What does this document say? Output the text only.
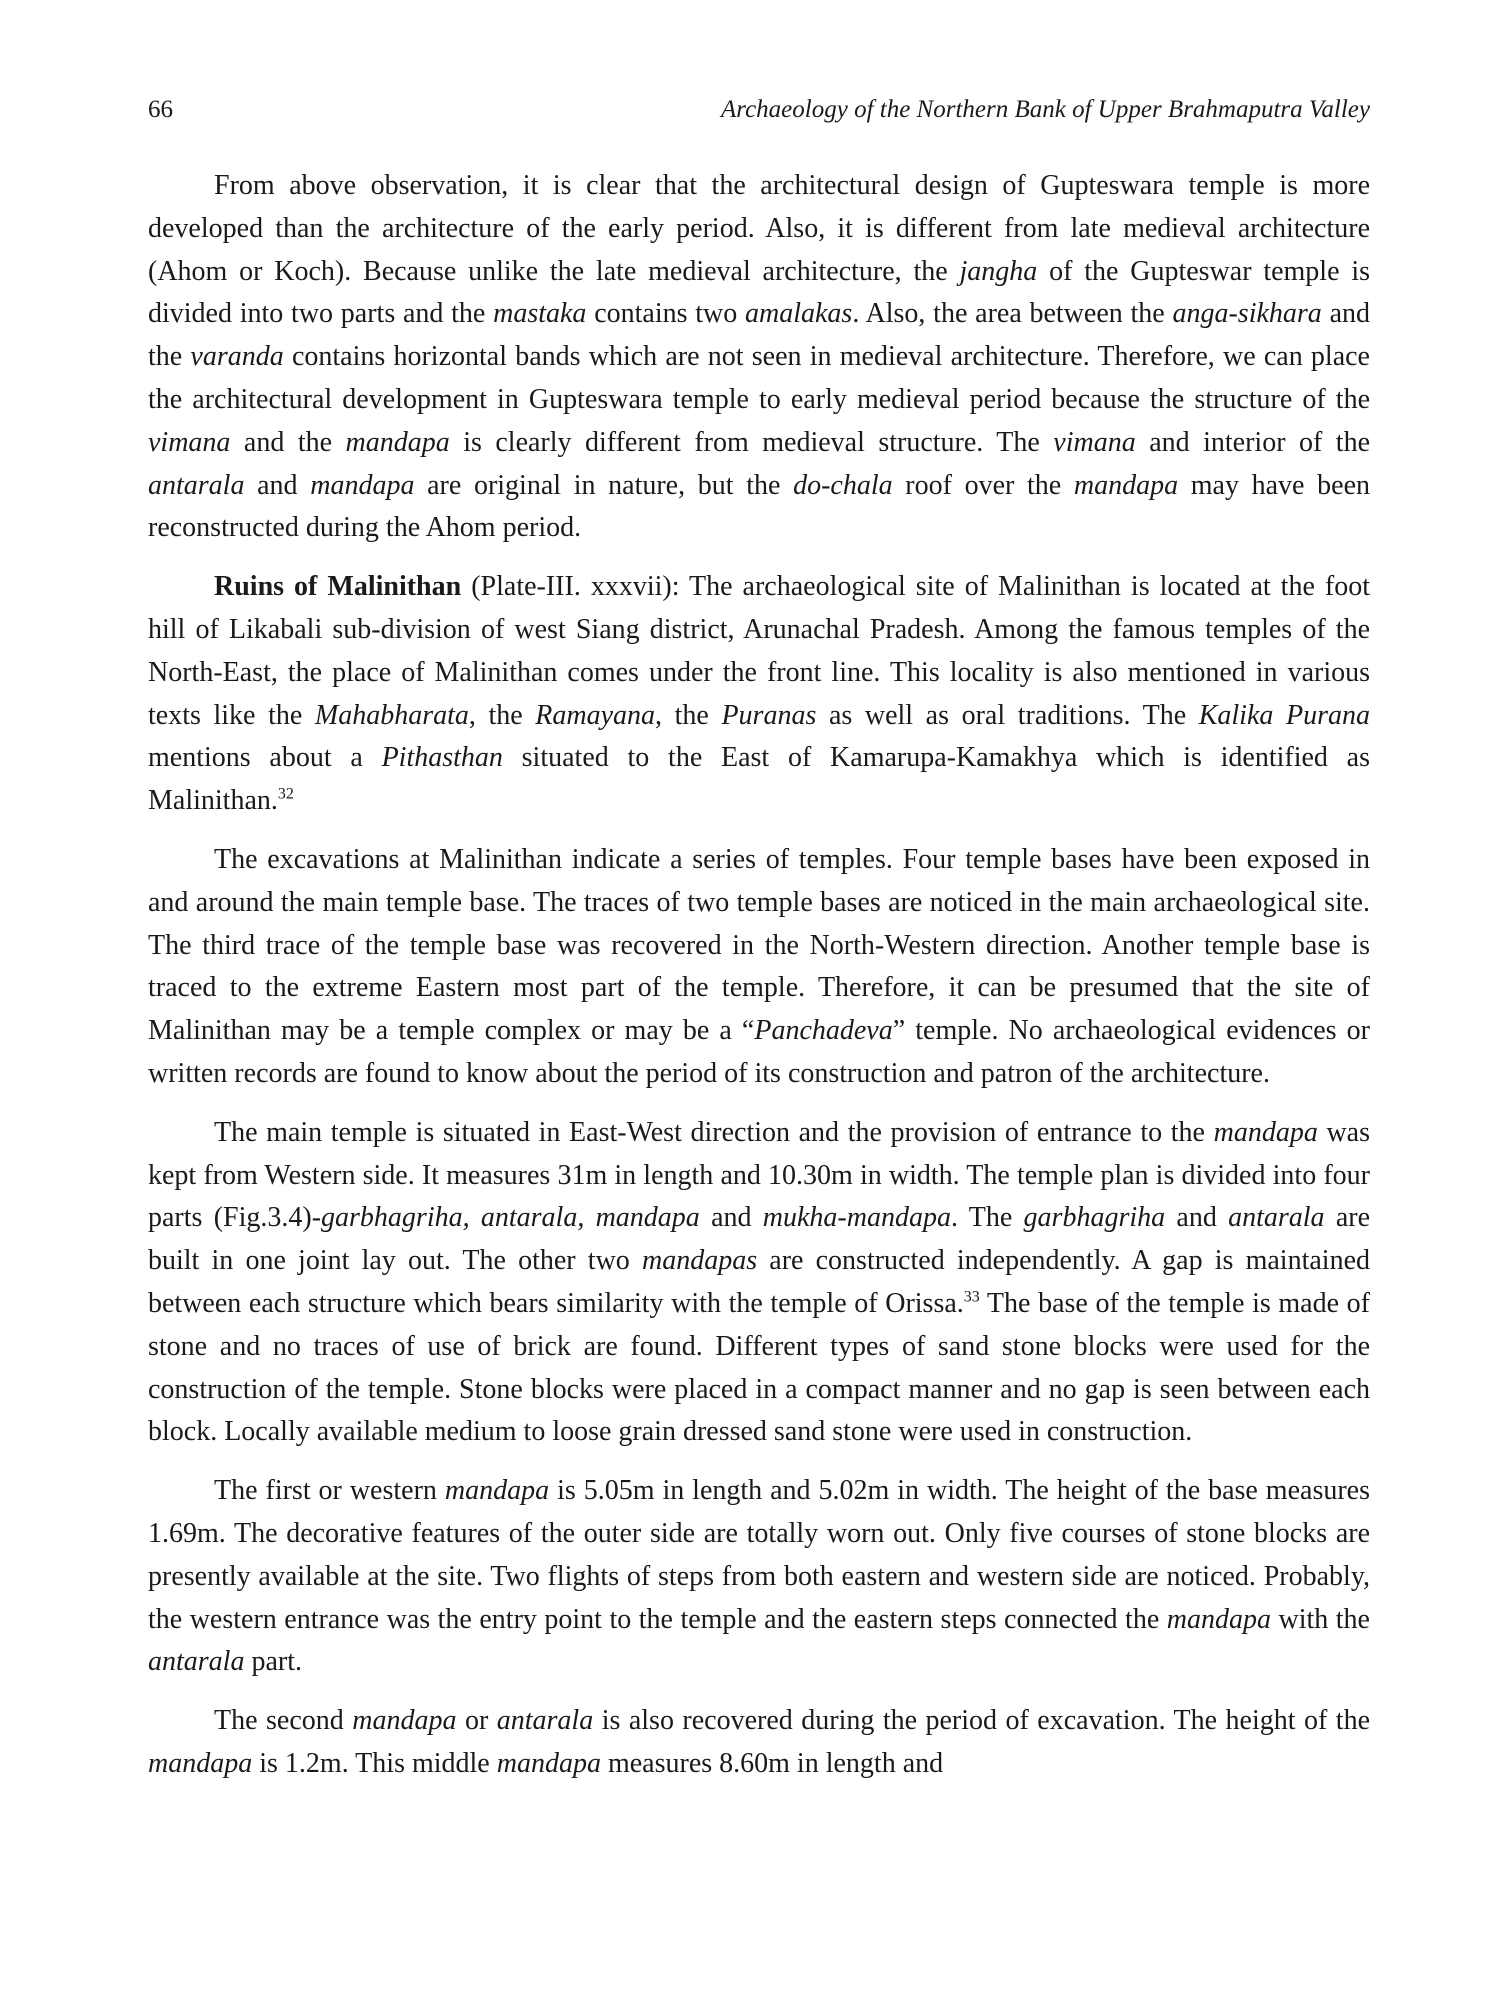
66	Archaeology of the Northern Bank of Upper Brahmaputra Valley

From above observation, it is clear that the architectural design of Gupteswara temple is more developed than the architecture of the early period. Also, it is different from late medieval architecture (Ahom or Koch). Because unlike the late medieval architecture, the jangha of the Gupteswar temple is divided into two parts and the mastaka contains two amalakas. Also, the area between the anga-sikhara and the varanda contains horizontal bands which are not seen in medieval architecture. Therefore, we can place the architectural development in Gupteswara temple to early medieval period because the structure of the vimana and the mandapa is clearly different from medieval structure. The vimana and interior of the antarala and mandapa are original in nature, but the do-chala roof over the mandapa may have been reconstructed during the Ahom period.

Ruins of Malinithan (Plate-III. xxxvii): The archaeological site of Malinithan is located at the foot hill of Likabali sub-division of west Siang district, Arunachal Pradesh. Among the famous temples of the North-East, the place of Malinithan comes under the front line. This locality is also mentioned in various texts like the Mahabharata, the Ramayana, the Puranas as well as oral traditions. The Kalika Purana mentions about a Pithasthan situated to the East of Kamarupa-Kamakhya which is identified as Malinithan.$^{32}$

The excavations at Malinithan indicate a series of temples. Four temple bases have been exposed in and around the main temple base. The traces of two temple bases are noticed in the main archaeological site. The third trace of the temple base was recovered in the North-Western direction. Another temple base is traced to the extreme Eastern most part of the temple. Therefore, it can be presumed that the site of Malinithan may be a temple complex or may be a “Panchadeva” temple. No archaeological evidences or written records are found to know about the period of its construction and patron of the architecture.

The main temple is situated in East-West direction and the provision of entrance to the mandapa was kept from Western side. It measures 31m in length and 10.30m in width. The temple plan is divided into four parts (Fig.3.4)-garbhagriha, antarala, mandapa and mukha-mandapa. The garbhagriha and antarala are built in one joint lay out. The other two mandapas are constructed independently. A gap is maintained between each structure which bears similarity with the temple of Orissa.$^{33}$ The base of the temple is made of stone and no traces of use of brick are found. Different types of sand stone blocks were used for the construction of the temple. Stone blocks were placed in a compact manner and no gap is seen between each block. Locally available medium to loose grain dressed sand stone were used in construction.

The first or western mandapa is 5.05m in length and 5.02m in width. The height of the base measures 1.69m. The decorative features of the outer side are totally worn out. Only five courses of stone blocks are presently available at the site. Two flights of steps from both eastern and western side are noticed. Probably, the western entrance was the entry point to the temple and the eastern steps connected the mandapa with the antarala part.

The second mandapa or antarala is also recovered during the period of excavation. The height of the mandapa is 1.2m. This middle mandapa measures 8.60m in length and
